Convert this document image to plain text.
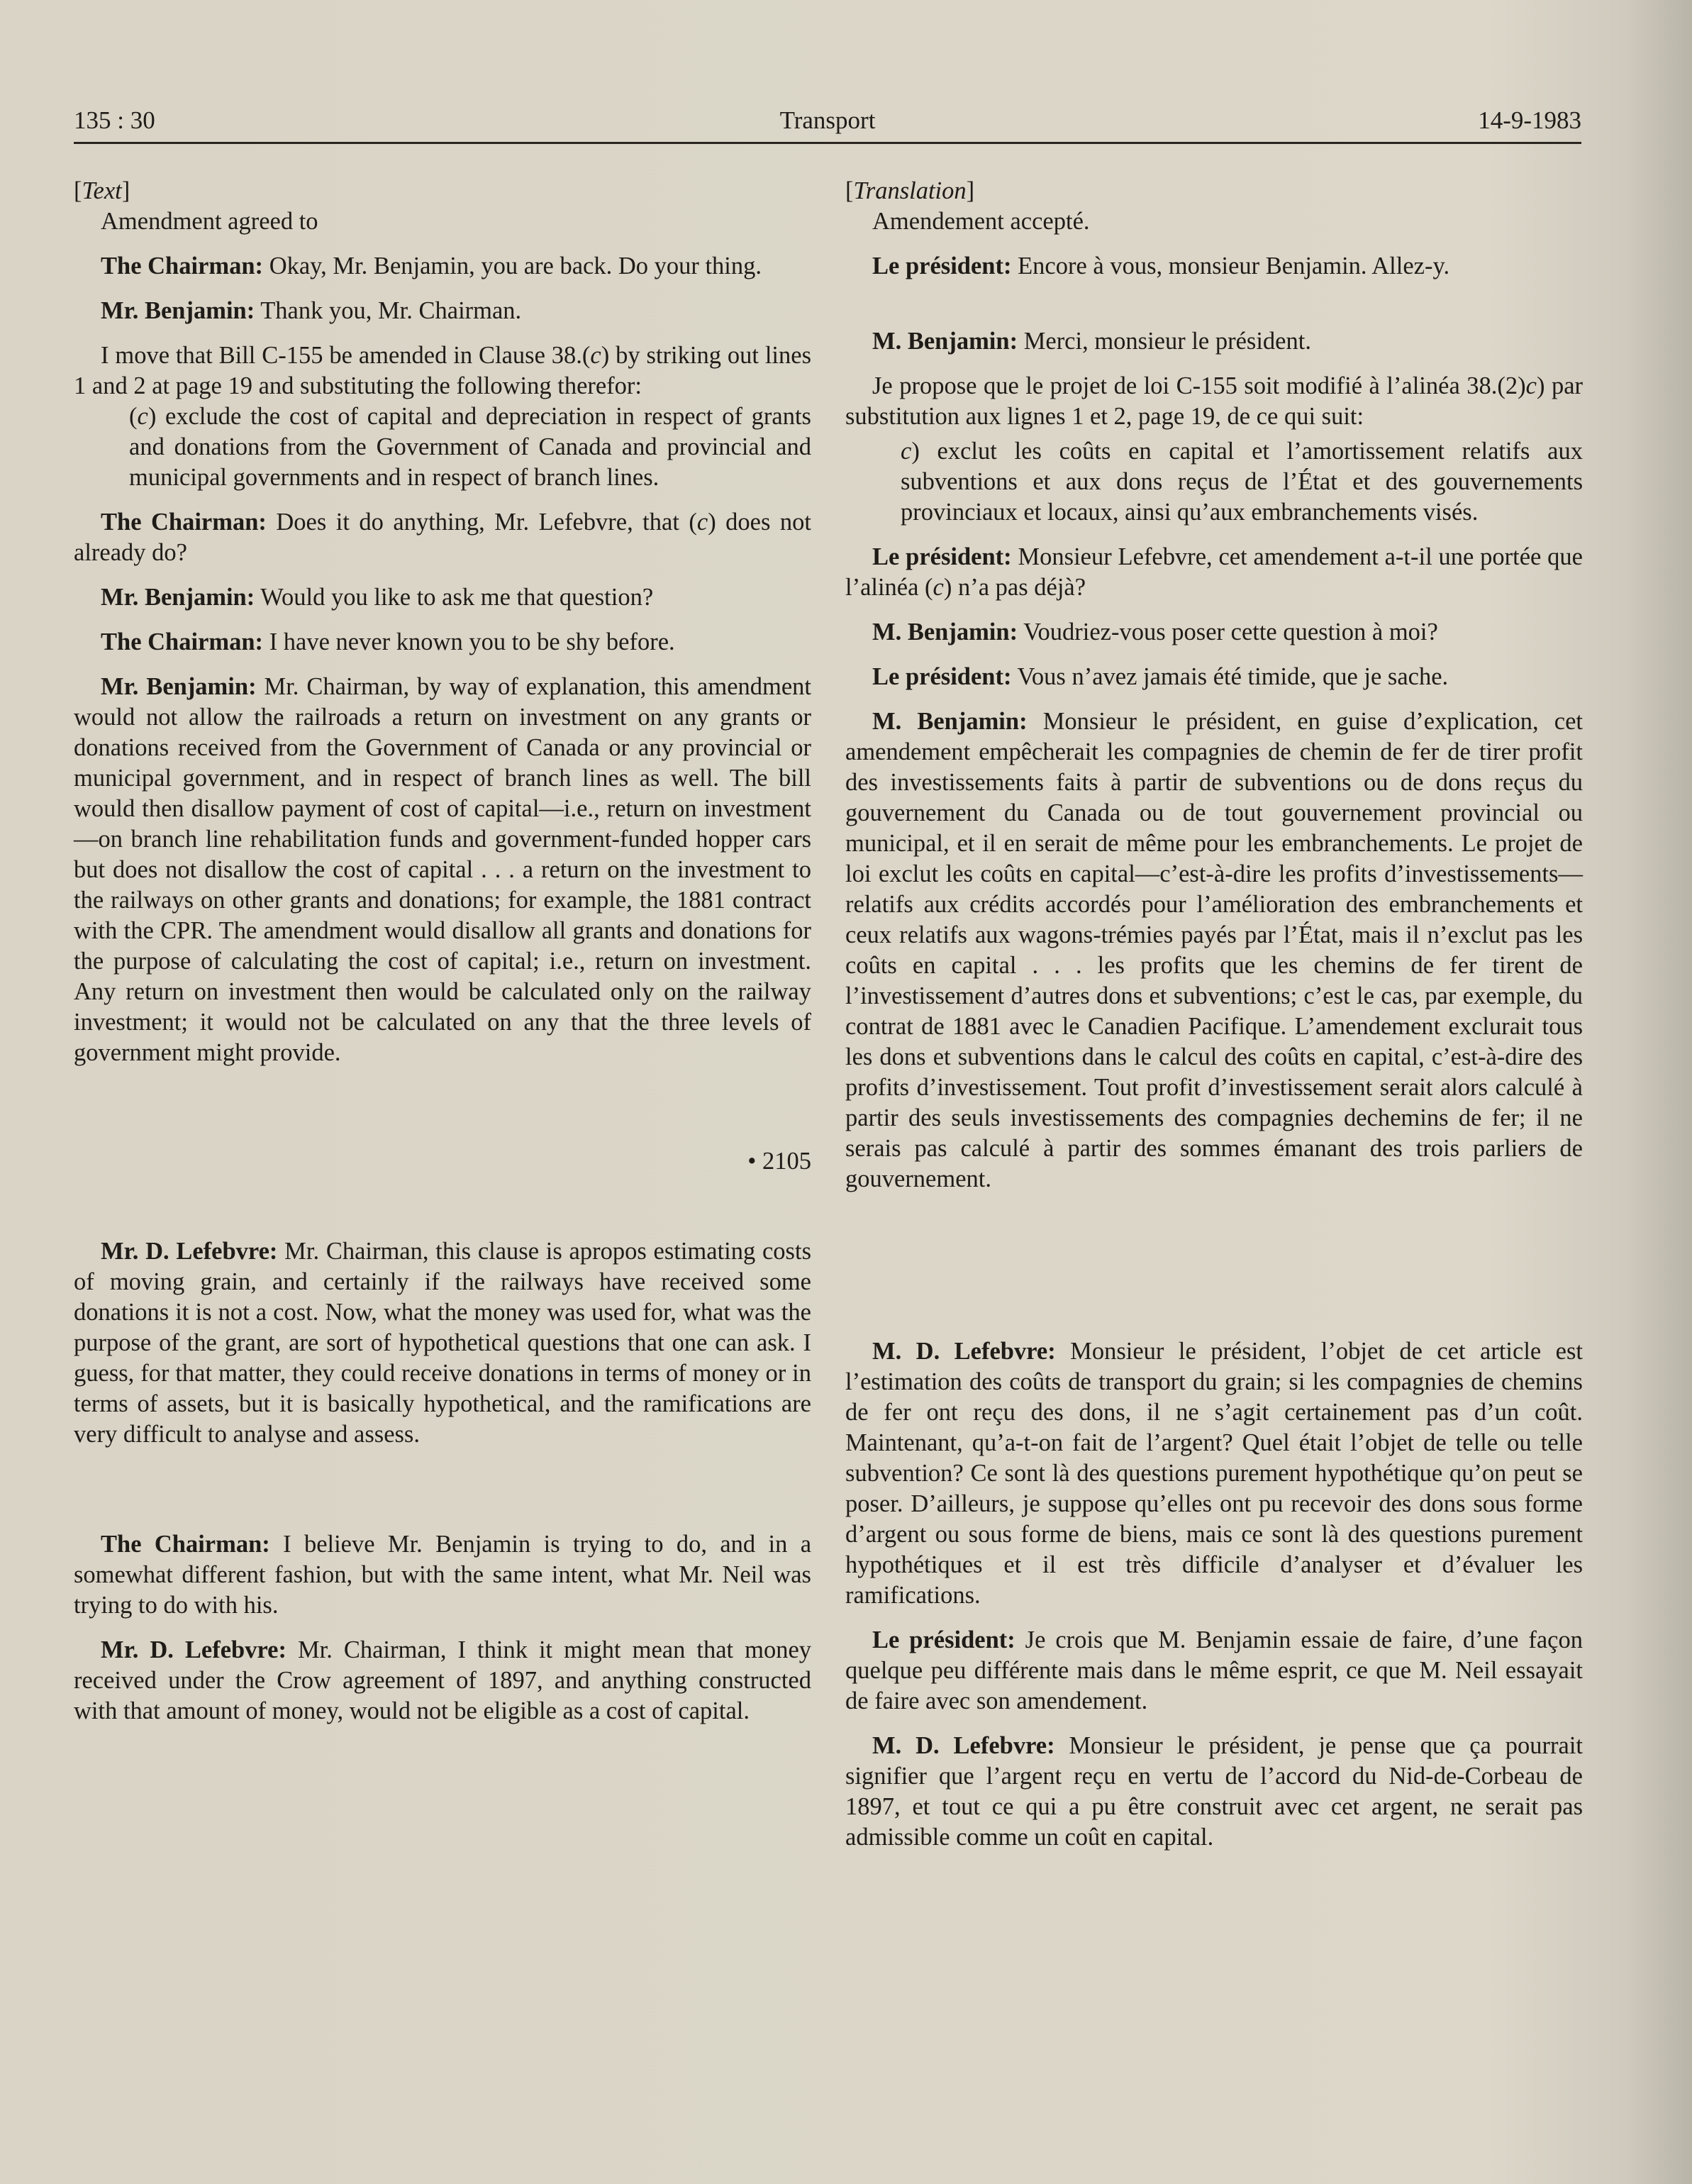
135 : 30	Transport	14-9-1983

[Text]

Amendment agreed to

The Chairman: Okay, Mr. Benjamin, you are back. Do your thing.

Mr. Benjamin: Thank you, Mr. Chairman.

I move that Bill C-155 be amended in Clause 38.(c) by striking out lines 1 and 2 at page 19 and substituting the following therefor:

(c) exclude the cost of capital and depreciation in respect of grants and donations from the Government of Canada and provincial and municipal governments and in respect of branch lines.

The Chairman: Does it do anything, Mr. Lefebvre, that (c) does not already do?

Mr. Benjamin: Would you like to ask me that question?

The Chairman: I have never known you to be shy before.

Mr. Benjamin: Mr. Chairman, by way of explanation, this amendment would not allow the railroads a return on investment on any grants or donations received from the Government of Canada or any provincial or municipal government, and in respect of branch lines as well. The bill would then disallow payment of cost of capital—i.e., return on investment—on branch line rehabilitation funds and government-funded hopper cars but does not disallow the cost of capital . . . a return on the investment to the railways on other grants and donations; for example, the 1881 contract with the CPR. The amendment would disallow all grants and donations for the purpose of calculating the cost of capital; i.e., return on investment. Any return on investment then would be calculated only on the railway investment; it would not be calculated on any that the three levels of government might provide.

• 2105

Mr. D. Lefebvre: Mr. Chairman, this clause is apropos estimating costs of moving grain, and certainly if the railways have received some donations it is not a cost. Now, what the money was used for, what was the purpose of the grant, are sort of hypothetical questions that one can ask. I guess, for that matter, they could receive donations in terms of money or in terms of assets, but it is basically hypothetical, and the ramifications are very difficult to analyse and assess.

The Chairman: I believe Mr. Benjamin is trying to do, and in a somewhat different fashion, but with the same intent, what Mr. Neil was trying to do with his.

Mr. D. Lefebvre: Mr. Chairman, I think it might mean that money received under the Crow agreement of 1897, and anything constructed with that amount of money, would not be eligible as a cost of capital.

[Translation]

Amendement accepté.

Le président: Encore à vous, monsieur Benjamin. Allez-y.

M. Benjamin: Merci, monsieur le président.

Je propose que le projet de loi C-155 soit modifié à l’alinéa 38.(2)c) par substitution aux lignes 1 et 2, page 19, de ce qui suit:

c) exclut les coûts en capital et l’amortissement relatifs aux subventions et aux dons reçus de l’État et des gouvernements provinciaux et locaux, ainsi qu’aux embranchements visés.

Le président: Monsieur Lefebvre, cet amendement a-t-il une portée que l’alinéa (c) n’a pas déjà?

M. Benjamin: Voudriez-vous poser cette question à moi?

Le président: Vous n’avez jamais été timide, que je sache.

M. Benjamin: Monsieur le président, en guise d’explication, cet amendement empêcherait les compagnies de chemin de fer de tirer profit des investissements faits à partir de subventions ou de dons reçus du gouvernement du Canada ou de tout gouvernement provincial ou municipal, et il en serait de même pour les embranchements. Le projet de loi exclut les coûts en capital—c’est-à-dire les profits d’investissements—relatifs aux crédits accordés pour l’amélioration des embranchements et ceux relatifs aux wagons-trémies payés par l’État, mais il n’exclut pas les coûts en capital . . . les profits que les chemins de fer tirent de l’investissement d’autres dons et subventions; c’est le cas, par exemple, du contrat de 1881 avec le Canadien Pacifique. L’amendement exclurait tous les dons et subventions dans le calcul des coûts en capital, c’est-à-dire des profits d’investissement. Tout profit d’investissement serait alors calculé à partir des seuls investissements des compagnies dechemins de fer; il ne serais pas calculé à partir des sommes émanant des trois parliers de gouvernement.

M. D. Lefebvre: Monsieur le président, l’objet de cet article est l’estimation des coûts de transport du grain; si les compagnies de chemins de fer ont reçu des dons, il ne s’agit certainement pas d’un coût. Maintenant, qu’a-t-on fait de l’argent? Quel était l’objet de telle ou telle subvention? Ce sont là des questions purement hypothétique qu’on peut se poser. D’ailleurs, je suppose qu’elles ont pu recevoir des dons sous forme d’argent ou sous forme de biens, mais ce sont là des questions purement hypothétiques et il est très difficile d’analyser et d’évaluer les ramifications.

Le président: Je crois que M. Benjamin essaie de faire, d’une façon quelque peu différente mais dans le même esprit, ce que M. Neil essayait de faire avec son amendement.

M. D. Lefebvre: Monsieur le président, je pense que ça pourrait signifier que l’argent reçu en vertu de l’accord du Nid-de-Corbeau de 1897, et tout ce qui a pu être construit avec cet argent, ne serait pas admissible comme un coût en capital.
